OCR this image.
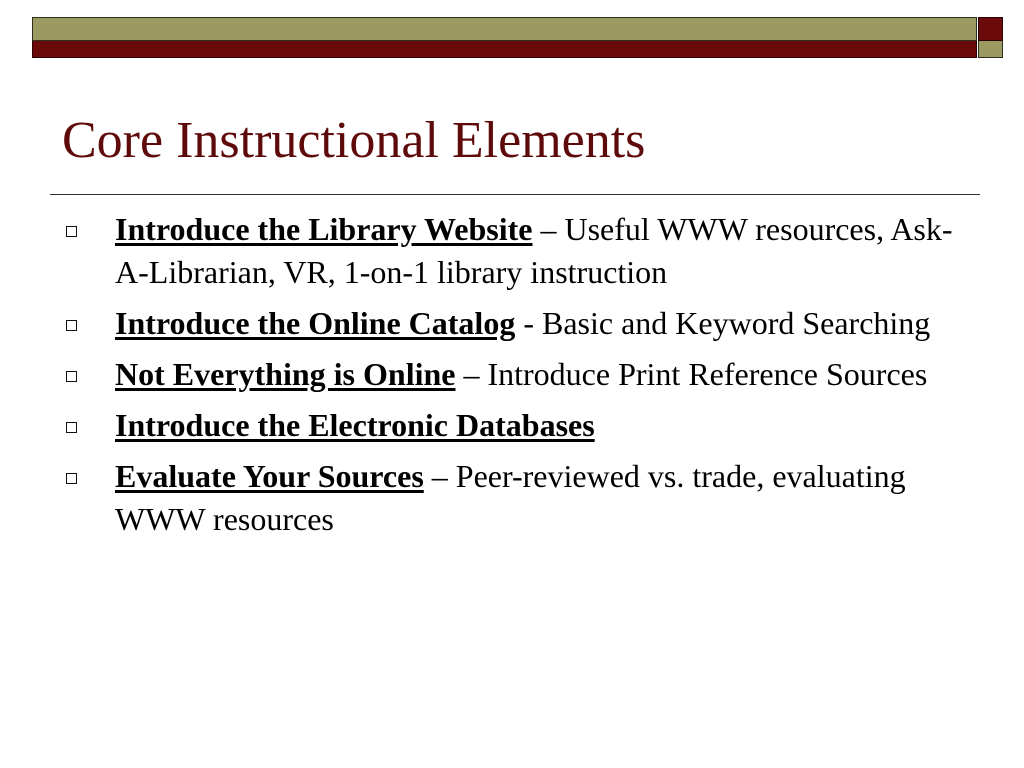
Core Instructional Elements
Introduce the Library Website – Useful WWW resources, Ask-A-Librarian, VR, 1-on-1 library instruction
Introduce the Online Catalog - Basic and Keyword Searching
Not Everything is Online – Introduce Print Reference Sources
Introduce the Electronic Databases
Evaluate Your Sources – Peer-reviewed vs. trade, evaluating WWW resources
